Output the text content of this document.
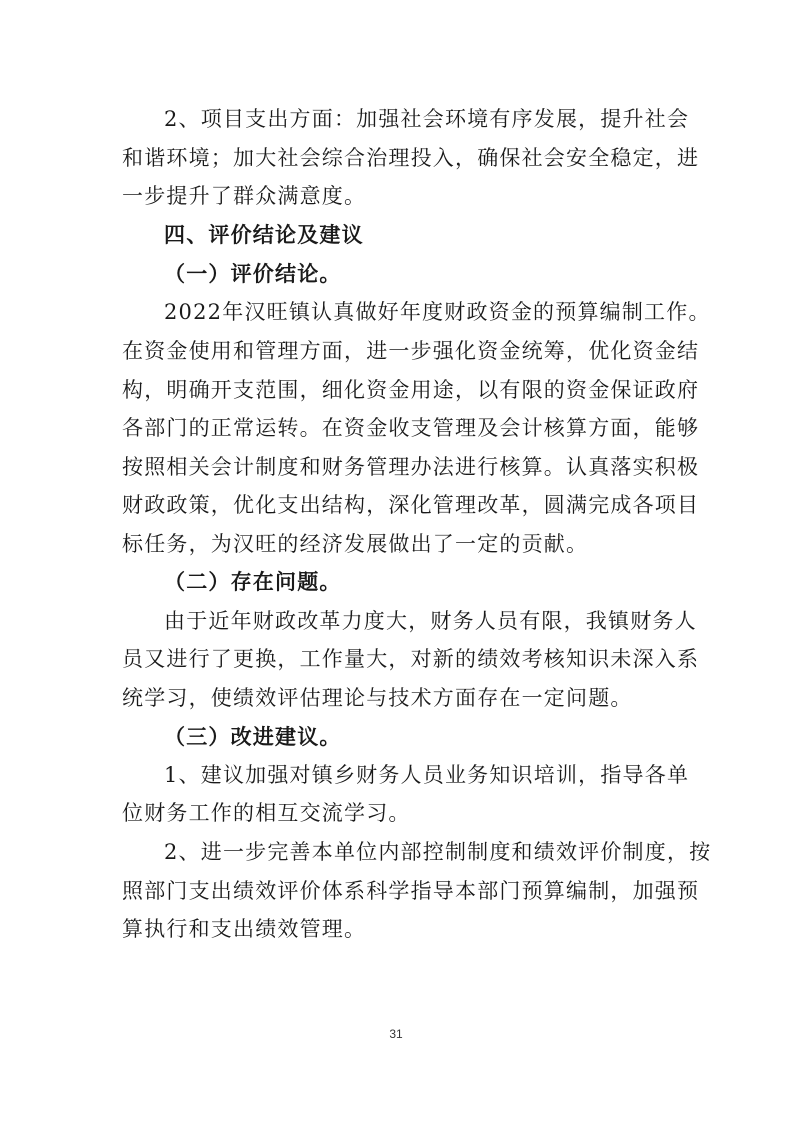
2、项目支出方面：加强社会环境有序发展，提升社会
和谐环境；加大社会综合治理投入，确保社会安全稳定，进
一步提升了群众满意度。
四、评价结论及建议
（一）评价结论。
2022年汉旺镇认真做好年度财政资金的预算编制工作。
在资金使用和管理方面，进一步强化资金统筹，优化资金结
构，明确开支范围，细化资金用途，以有限的资金保证政府
各部门的正常运转。在资金收支管理及会计核算方面，能够
按照相关会计制度和财务管理办法进行核算。认真落实积极
财政政策，优化支出结构，深化管理改革，圆满完成各项目
标任务，为汉旺的经济发展做出了一定的贡献。
（二）存在问题。
由于近年财政改革力度大，财务人员有限，我镇财务人
员又进行了更换，工作量大，对新的绩效考核知识未深入系
统学习，使绩效评估理论与技术方面存在一定问题。
（三）改进建议。
1、建议加强对镇乡财务人员业务知识培训，指导各单
位财务工作的相互交流学习。
2、进一步完善本单位内部控制制度和绩效评价制度，按
照部门支出绩效评价体系科学指导本部门预算编制，加强预
算执行和支出绩效管理。
31
